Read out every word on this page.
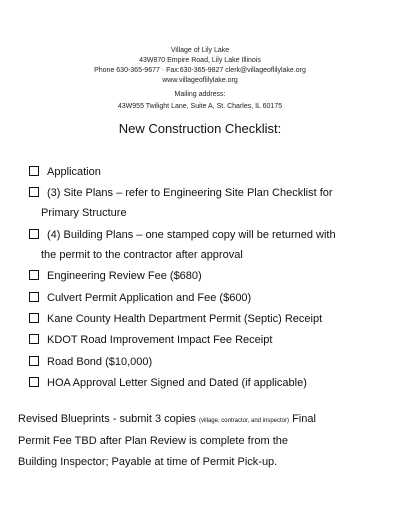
Village of Lily Lake
43W870 Empire Road, Lily Lake Illinois
Phone 630-365-9677 · Fax:630-365-9827 clerk@villageoflilylake.org
www.villageoflilylake.org
Mailing address:
43W955 Twilight Lane, Suite A, St. Charles, IL 60175
New Construction Checklist:
Application
(3) Site Plans – refer to Engineering Site Plan Checklist for
Primary Structure
(4) Building Plans – one stamped copy will be returned with
the permit to the contractor after approval
Engineering Review Fee ($680)
Culvert Permit Application and Fee ($600)
Kane County Health Department Permit (Septic) Receipt
KDOT Road Improvement Impact Fee Receipt
Road Bond ($10,000)
HOA Approval Letter Signed and Dated (if applicable)
Revised Blueprints - submit 3 copies (village, contractor, and inspector) Final
Permit Fee TBD after Plan Review is complete from the
Building Inspector; Payable at time of Permit Pick-up.
